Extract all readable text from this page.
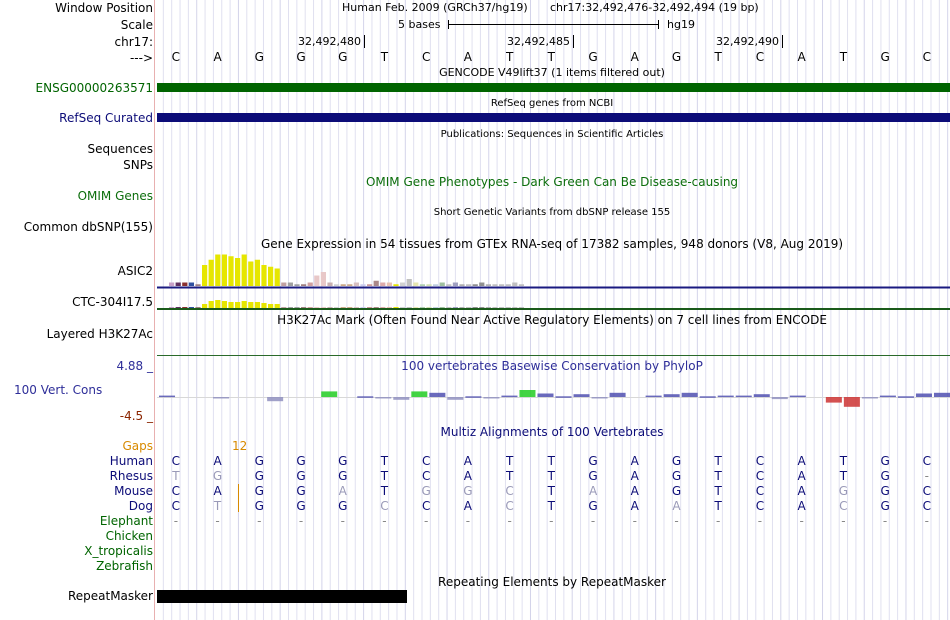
Window Position
Scale
chr17:
--->
Human Feb. 2009 (GRCh37/hg19) chr17:32,492,476-32,492,494 (19 bp)
5 bases	hg19
32,492,480	32,492,485	32,492,490
C	A	G	G	G	T	C	A	T	T	G	A	G	T	C	A	T	G	C
GENCODE V49lift37 (1 items filtered out)
ENSG00000263571
RefSeq genes from NCBI
RefSeq Curated
Publications: Sequences in Scientific Articles
Sequences
SNPs
OMIM Genes
OMIM Gene Phenotypes - Dark Green Can Be Disease-causing
Short Genetic Variants from dbSNP release 155
Common dbSNP(155)
Gene Expression in 54 tissues from GTEx RNA-seq of 17382 samples, 948 donors (V8, Aug 2019)
ASIC2
CTC-304I17.5
H3K27Ac Mark (Often Found Near Active Regulatory Elements) on 7 cell lines from ENCODE
Layered H3K27Ac
100 vertebrates Basewise Conservation by PhyloP
4.88 _
100 Vert. Cons
-4.5 _
Multiz Alignments of 100 Vertebrates
Gaps	12
Human C	A	G	G	G	T	C	A	T	T	G	A	G	T	C	A	T	G	C
Rhesus T	G	G	G	G	T	C	A	T	T	G	A	G	T	C	A	T	G	-
Mouse C	A	G	G	A	T	G	G	C	T	A	A	G	T	C	A	G	G	C
Dog C	T	G	G	G	C	C	A	C	T	G	A	A	T	C	A	C	G	C
Elephant -	-	-	-	-	-	-	-	-	-	-	-	-	-	-	-	-	-	-
Chicken
X_tropicalis
Zebrafish
Repeating Elements by RepeatMasker
RepeatMasker
